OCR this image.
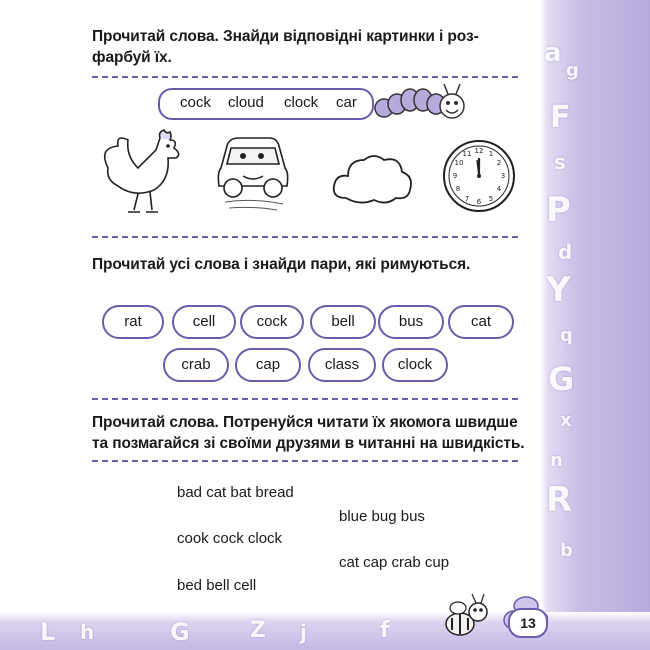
a
g
F
s
P
d
Y
q
G
x
n
R
b
L h	G	Z j	f
Прочитай слова. Знайди відповідні картинки і роз-
фарбуй їх.
cock cloud clock car
12 1
2
3
4
5
6
7
8
9
10
11
Прочитай усі слова і знайди пари, які римуються.
rat	cell	cock	bell	bus	cat
crab	cap	class	clock
Прочитай слова. Потренуйся читати їх якомога швидше
та позмагайся зі своїми друзями в читанні на швидкість.
bad cat bat bread
blue bug bus
cook cock clock
cat cap crab cup
bed bell cell
13
